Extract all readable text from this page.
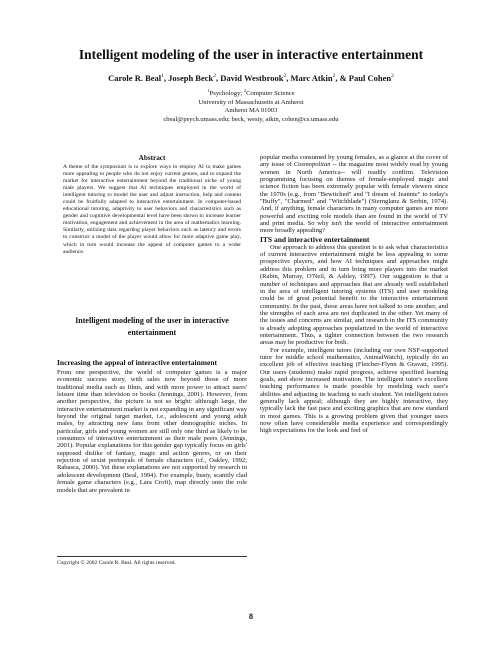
Intelligent modeling of the user in interactive entertainment
Carole R. Beal$^1$, Joseph Beck$^2$, David Westbrook$^2$, Marc Atkin$^2$, & Paul Cohen$^2$
$^1$Psychology; $^2$Computer Science
University of Massachusetts at Amherst
Amherst MA 01003
cbeal@psych.umass.edu; beck, westy, atkin, cohen@cs.umass.edu
Abstract
A theme of the symposium is to explore ways to employ AI to make games more appealing to people who do not enjoy current genres, and to expand the market for interactive entertainment beyond the traditional niche of young male players. We suggest that AI techniques employed in the world of intelligent tutoring to model the user and adjust instruction, help and content could be fruitfully adapted to interactive entertainment. In computer-based educational tutoring, adaptivity to user behaviors and characteristics such as gender and cognitive developmental level have been shown to increase learner motivation, engagement and achievement in the area of mathematics learning. Similarly, utilizing data regarding player behaviors such as latency and errors to construct a model of the player would allow for more adaptive game play, which in turn would increase the appeal of computer games to a wider audience.
Intelligent modeling of the user in interactive entertainment

Increasing the appeal of interactive entertainment

From one perspective, the world of computer games is a major economic success story, with sales now beyond those of more traditional media such as films, and with more power to attract users' leisure time than television or books (Jennings, 2001). However, from another perspective, the picture is not so bright: although large, the interactive entertainment market is not expanding in any significant way beyond the original target market, i.e., adolescent and young adult males, by attracting new fans from other demographic niches. In particular, girls and young women are still only one third as likely to be consumers of interactive entertainment as their male peers (Jennings, 2001). Popular explanations for this gender gap typically focus on girls' supposed dislike of fantasy, magic and action genres, or on their rejection of sexist portrayals of female characters (cf., Oakley, 1992; Rabasca, 2000). Yet these explanations are not supported by research in adolescent development (Beal, 1994). For example, busty, scantily clad female game characters (e.g., Lara Croft), map directly onto the role models that are prevalent in

Copyright © 2002 Carole R. Beal. All rights reserved.

popular media consumed by young females, as a glance at the cover of any issue of Cosmopolitan -- the magazine most widely read by young women in North America-- will readily confirm. Television programming focusing on themes of female-employed magic and science fiction has been extremely popular with female viewers since the 1970s (e.g., from "Bewitched" and "I dream of Jeannie" to today's "Buffy", "Charmed" and "Witchblade") (Sternglanz & Serbin, 1974). And, if anything, female characters in many computer games are more powerful and exciting role models than are found in the world of TV and print media. So why isn't the world of interactive entertainment more broadly appealing?

ITS and interactive entertainment

One approach to address this question is to ask what characteristics of current interactive entertainment might be less appealing to some prospective players, and how AI techniques and approaches might address this problem and in turn bring more players into the market (Rabin, Murray, O'Neil, & Ashley, 1997). Our suggestion is that a number of techniques and approaches that are already well established in the area of intelligent tutoring systems (ITS) and user modeling could be of great potential benefit to the interactive entertainment community. In the past, these areas have not talked to one another, and the strengths of each area are not duplicated in the other. Yet many of the issues and concerns are similar, and research in the ITS community is already adopting approaches popularized in the world of interactive entertainment. Thus, a tighter connection between the two research areas may be productive for both.

For example, intelligent tutors (including our own NSF-supported tutor for middle school mathematics, AnimalWatch), typically do an excellent job of effective teaching (Fletcher-Flynn & Gravatt, 1995). Our users (students) make rapid progress, achieve specified learning goals, and show increased motivation. The intelligent tutor's excellent teaching performance is made possible by modeling each user's abilities and adjusting its teaching to each student. Yet intelligent tutors generally lack appeal; although they are highly interactive, they typically lack the fast pace and exciting graphics that are now standard in most games. This is a growing problem given that younger users now often have considerable media experience and correspondingly high expectations for the look and feel of

8
